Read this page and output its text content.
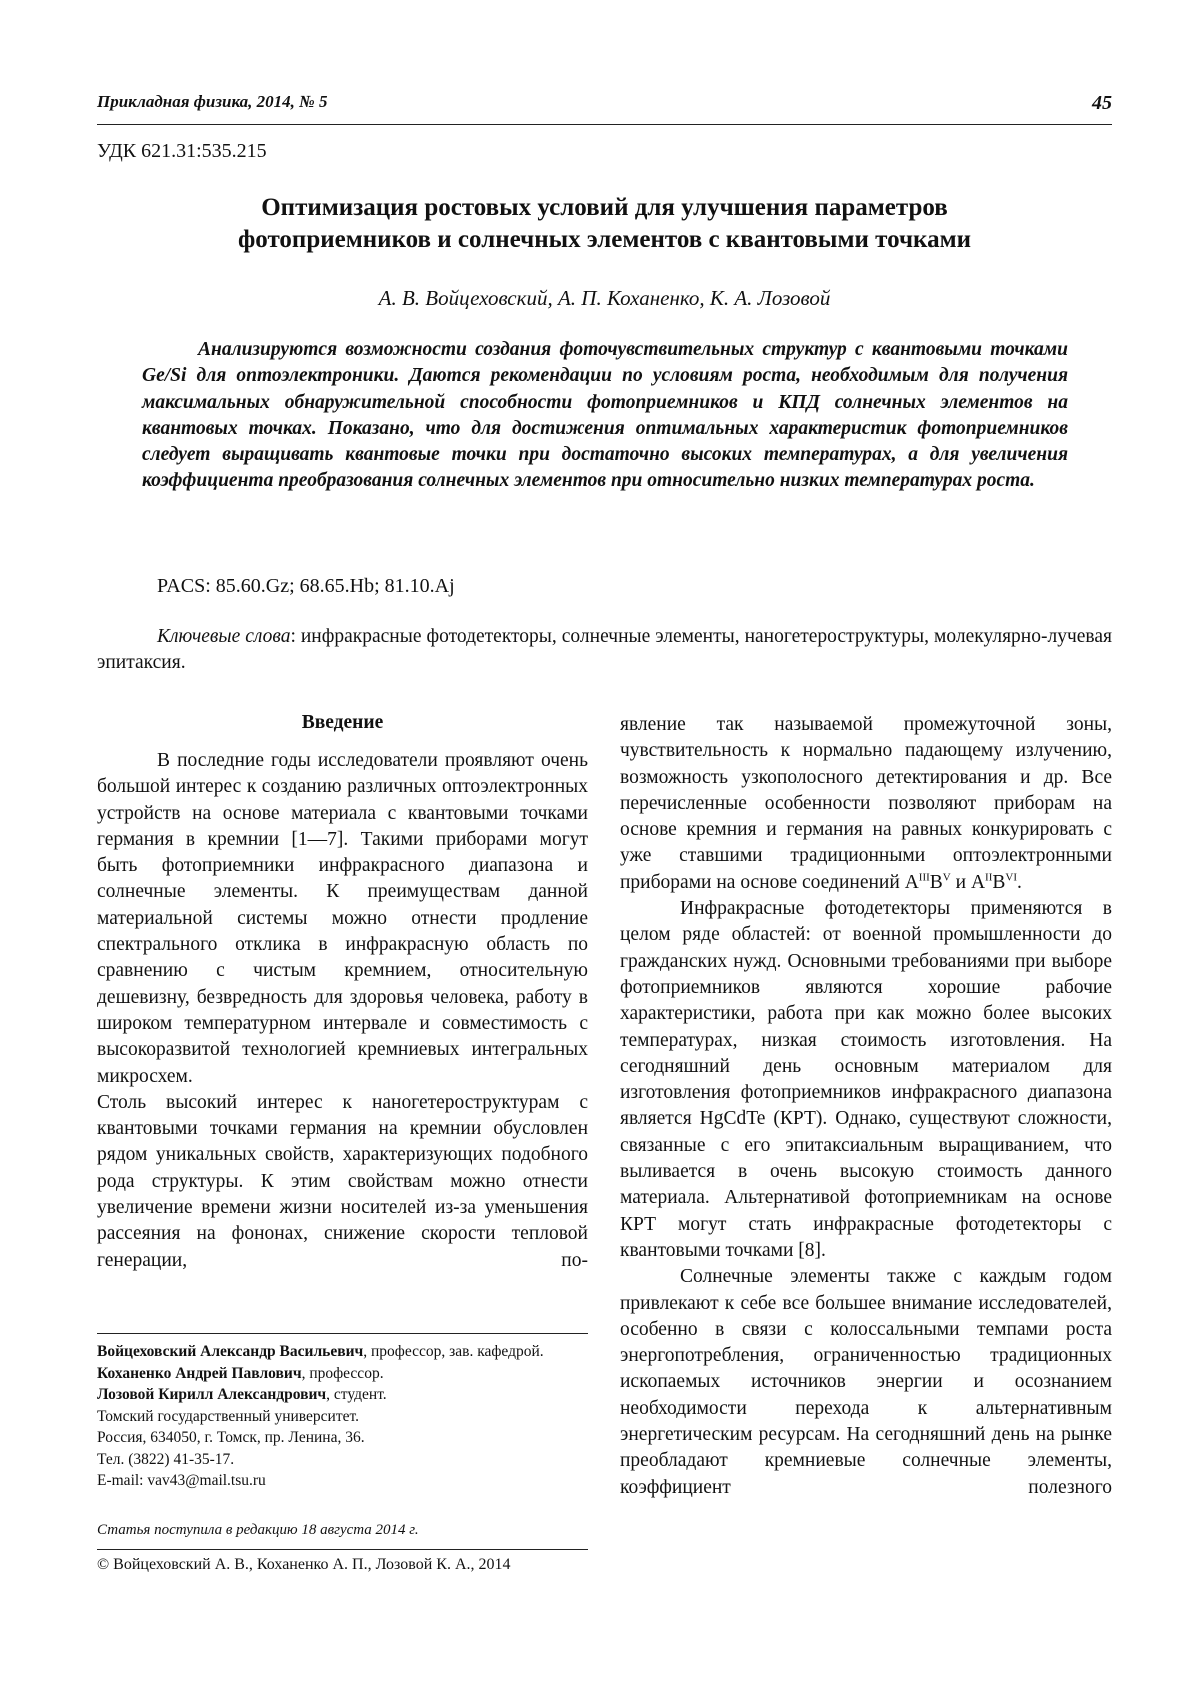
Прикладная физика, 2014, № 5	45
УДК 621.31:535.215
Оптимизация ростовых условий для улучшения параметров
фотоприемников и солнечных элементов с квантовыми точками
А. В. Войцеховский, А. П. Коханенко, К. А. Лозовой
Анализируются возможности создания фоточувствительных структур с квантовыми точками Ge/Si для оптоэлектроники. Даются рекомендации по условиям роста, необходимым для получения максимальных обнаружительной способности фотоприемников и КПД солнечных элементов на квантовых точках. Показано, что для достижения оптимальных характеристик фотоприемников следует выращивать квантовые точки при достаточно высоких температурах, а для увеличения коэффициента преобразования солнечных элементов при относительно низких температурах роста.
PACS: 85.60.Gz; 68.65.Hb; 81.10.Aj
Ключевые слова: инфракрасные фотодетекторы, солнечные элементы, наногетероструктуры, молекулярно-лучевая эпитаксия.
Введение

В последние годы исследователи проявляют очень большой интерес к созданию различных оптоэлектронных устройств на основе материала с квантовыми точками германия в кремнии [1—7]. Такими приборами могут быть фотоприемники инфракрасного диапазона и солнечные элементы. К преимуществам данной материальной системы можно отнести продление спектрального отклика в инфракрасную область по сравнению с чистым кремнием, относительную дешевизну, безвредность для здоровья человека, работу в широком температурном интервале и совместимость с высокоразвитой технологией кремниевых интегральных микросхем.

Столь высокий интерес к наногетероструктурам с квантовыми точками германия на кремнии обусловлен рядом уникальных свойств, характеризующих подобного рода структуры. К этим свойствам можно отнести увеличение времени жизни носителей из-за уменьшения рассеяния на фононах, снижение скорости тепловой генерации, по-

явление так называемой промежуточной зоны, чувствительность к нормально падающему излучению, возможность узкополосного детектирования и др. Все перечисленные особенности позволяют приборам на основе кремния и германия на равных конкурировать с уже ставшими традиционными оптоэлектронными приборами на основе соединений $A^{III}B^V$ и $A^{II}B^{VI}$.

Инфракрасные фотодетекторы применяются в целом ряде областей: от военной промышленности до гражданских нужд. Основными требованиями при выборе фотоприемников являются хорошие рабочие характеристики, работа при как можно более высоких температурах, низкая стоимость изготовления. На сегодняшний день основным материалом для изготовления фотоприемников инфракрасного диапазона является HgCdTe (КРТ). Однако, существуют сложности, связанные с его эпитаксиальным выращиванием, что выливается в очень высокую стоимость данного материала. Альтернативой фотоприемникам на основе КРТ могут стать инфракрасные фотодетекторы с квантовыми точками [8].

Солнечные элементы также с каждым годом привлекают к себе все большее внимание исследователей, особенно в связи с колоссальными темпами роста энергопотребления, ограниченностью традиционных ископаемых источников энергии и осознанием необходимости перехода к альтернативным энергетическим ресурсам. На сегодняшний день на рынке преобладают кремниевые солнечные элементы, коэффициент полезного

Войцеховский Александр Васильевич, профессор, зав. кафедрой.
Коханенко Андрей Павлович, профессор.
Лозовой Кирилл Александрович, студент.
Томский государственный университет.
Россия, 634050, г. Томск, пр. Ленина, 36.
Тел. (3822) 41-35-17.
E-mail: vav43@mail.tsu.ru
Статья поступила в редакцию 18 августа 2014 г.
© Войцеховский А. В., Коханенко А. П., Лозовой К. А., 2014
